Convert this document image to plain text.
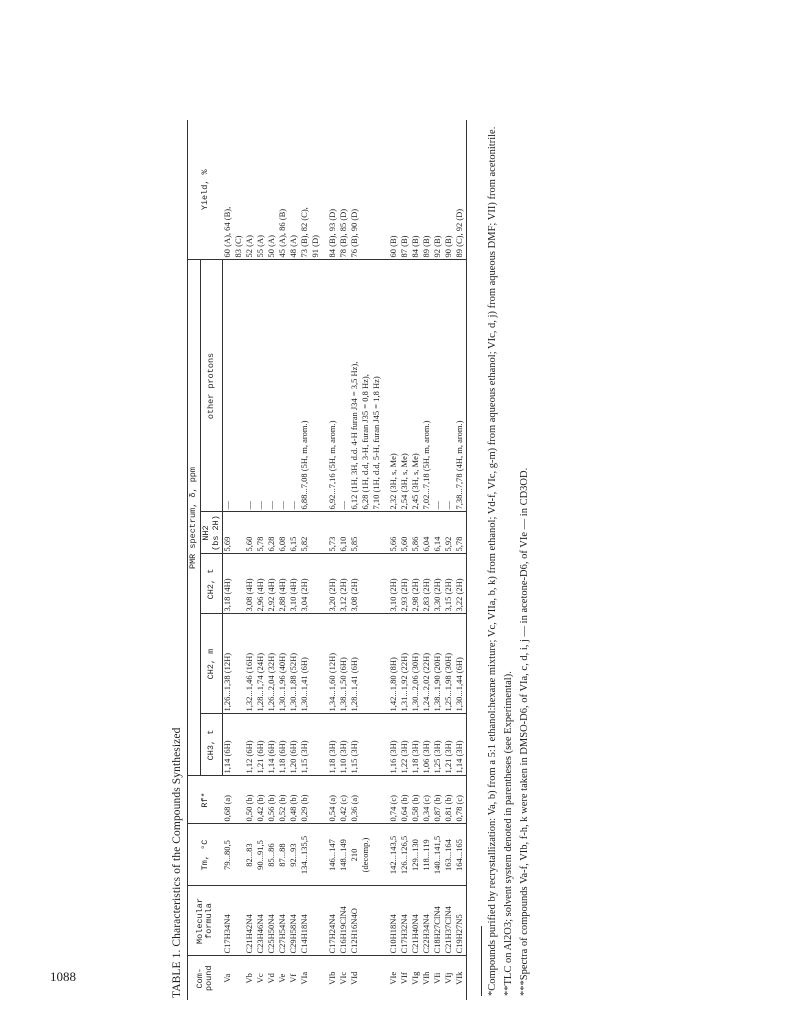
1088	TABLE 1. Characteristics of the Compounds Synthesized	Com-
pound	Molecular
formula	Tm, °C	Rf*	PMR spectrum, δ, ppm					Yield, %
				CH3, t	CH2, m	CH2, t	NH2
(bs 2H)	other protons	
Va	C17H34N4	79...80,5	0,68 (a)	1,14 (6H)	1,26...1,38 (12H)	3,18 (4H)	5,69	—	60 (A), 64 (B),
									83 (C)
Vb	C21H42N4	82...83	0,50 (b)	1,12 (6H)	1,32...1,46 (16H)	3,08 (4H)	5,60	—	52 (A)
Vc	C23H46N4	90...91,5	0,42 (b)	1,21 (6H)	1,28...1,74 (24H)	2,96 (4H)	5,78	—	55 (A)
Vd	C25H50N4	85...86	0,56 (b)	1,14 (6H)	1,26...2,04 (32H)	2,92 (4H)	6,28	—	50 (A)
Ve	C27H54N4	87...88	0,52 (b)	1,18 (6H)	1,30...1,96 (40H)	2,88 (4H)	6,08	—	45 (A), 86 (B)
Vf	C29H58N4	92...93	0,48 (b)	1,20 (6H)	1,30...1,88 (52H)	3,10 (4H)	6,15	—	48 (A)
VIa	C14H18N4	134...135,5	0,29 (b)	1,15 (3H)	1,30...1,41 (6H)	3,04 (2H)	5,82	6,88...7,08 (5H, m, arom.)	73 (B), 82 (C),
									91 (D)

VIb	C17H24N4	146...147	0,54 (a)	1,18 (3H)	1,34...1,60 (12H)	3,20 (2H)	5,73	6,92...7,16 (5H, m, arom.)	84 (B), 93 (D)
VIc	C16H19ClN4	148...149	0,42 (c)	1,10 (3H)	1,38...1,50 (6H)	3,12 (2H)	6,10	—	78 (B), 85 (D)
VId	C12H16N4O	210	0,36 (a)	1,15 (3H)	1,28...1,41 (6H)	3,08 (2H)	5,85	6,12 (1H, 3H, d.d. 4-H furan J34 = 3,5 Hz),	76 (B), 90 (D)
		(decomp.)						6,28 (1H, d.d, 3-H, furan J35 = 0,8 Hz),	
								7,10 (1H, d.d, 5-H, furan J45 = 1,8 Hz)	

VIe	C10H18N4	142...143,5	0,74 (c)	1,16 (3H)	1,42...1,80 (8H)	3,10 (2H)	5,66	2,32 (3H, s, Me)	60 (B)
VIf	C17H32N4	126...126,5	0,64 (b)	1,22 (3H)	1,31...1,92 (22H)	2,93 (2H)	5,60	2,54 (3H, s, Me)	87 (B)
VIg	C21H40N4	129...130	0,58 (b)	1,18 (3H)	1,30...2,06 (30H)	2,98 (2H)	5,86	2,45 (3H, s, Me)	84 (B)
VIh	C22H34N4	118...119	0,34 (c)	1,06 (3H)	1,24...2,02 (22H)	2,83 (2H)	6,04	7,02...7,18 (5H, m, arom.)	89 (B)
VIi	C18H27ClN4	140...141,5	0,87 (b)	1,25 (3H)	1,38...1,90 (20H)	3,30 (2H)	6,14	—	92 (B)
VIj	C21H37ClN4	163...164	0,81 (b)	1,21 (3H)	1,25...1,98 (30H)	3,15 (2H)	5,92	—	90 (B)
VIk	C19H27N5	164...165	0,78 (c)	1,14 (3H)	1,30...1,44 (6H)	3,22 (2H)	5,78	7,38...7,78 (4H, m, arom.)	89 (C), 92 (D) *Compounds purified by recrystallization: Va, b) from a 5:1 ethanol:hexane mixture; Vc, VIIa, b, k) from ethanol; Vd-f, VIc, g-m) from aqueous ethanol; VIc, d, j) from aqueous DMF; VII) from acetonitrile. **TLC on Al2O3; solvent system denoted in parentheses (see Experimental). ***Spectra of compounds Va-f, VIb, f-h, k were taken in DMSO-D6, of VIa, c, d, i, j — in acetone-D6, of VIe — in CD3OD.
